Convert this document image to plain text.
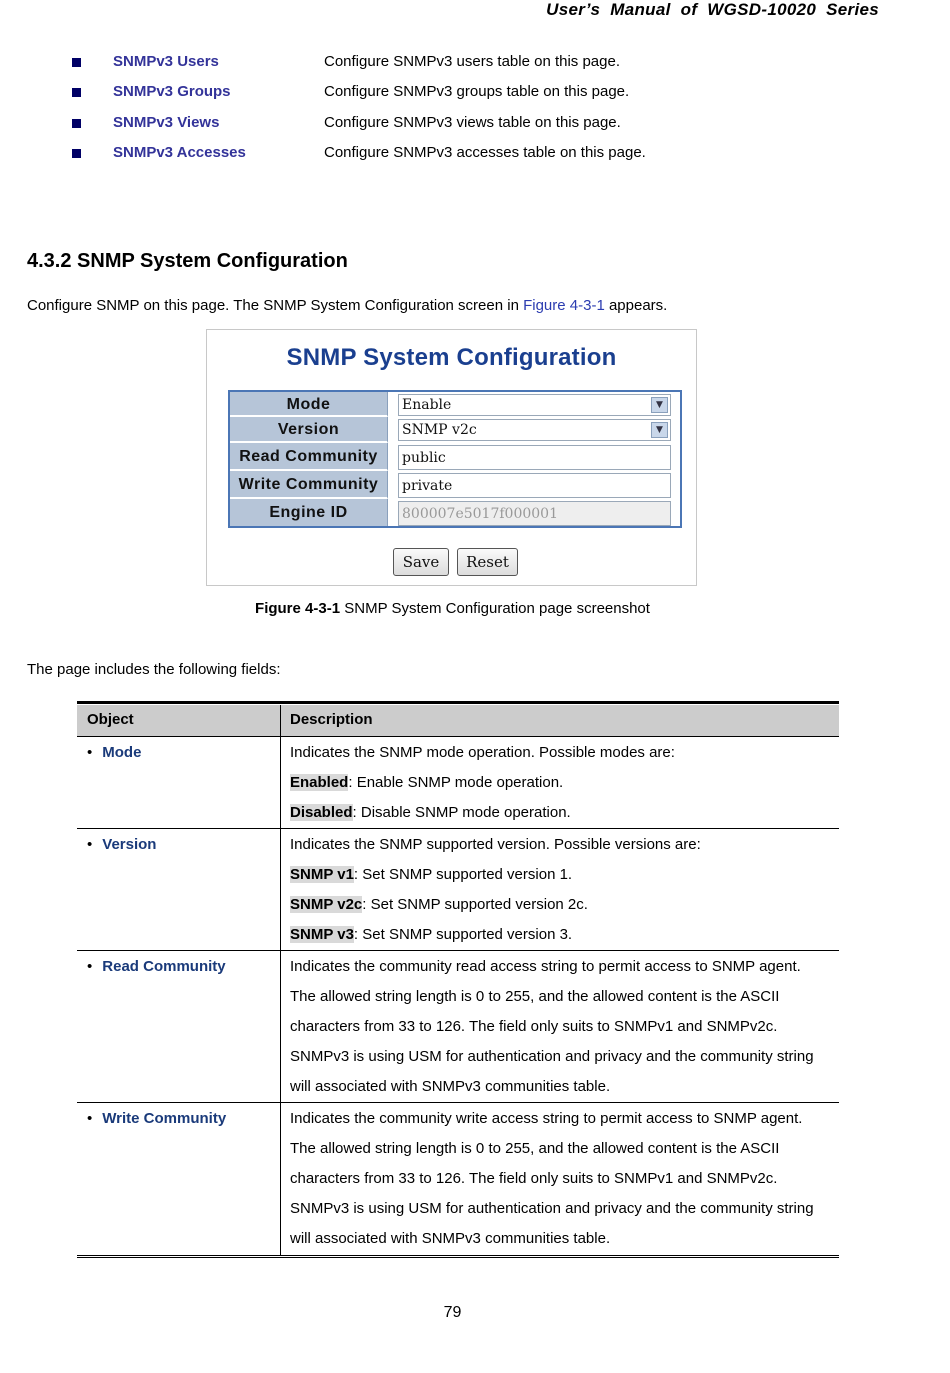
User’s Manual of WGSD-10020 Series
SNMPv3 Users	Configure SNMPv3 users table on this page.
SNMPv3 Groups	Configure SNMPv3 groups table on this page.
SNMPv3 Views	Configure SNMPv3 views table on this page.
SNMPv3 Accesses	Configure SNMPv3 accesses table on this page.
4.3.2 SNMP System Configuration
Configure SNMP on this page. The SNMP System Configuration screen in Figure 4-3-1 appears.
SNMP System Configuration
Mode	Enable	▼
Version	SNMP v2c	▼
Read Community	public
Write Community	private
Engine ID	800007e5017f000001
Save	Reset
Figure 4-3-1 SNMP System Configuration page screenshot
The page includes the following fields:
Object	Description
• Mode	Indicates the SNMP mode operation. Possible modes are:
Enabled: Enable SNMP mode operation.
Disabled: Disable SNMP mode operation.
• Version	Indicates the SNMP supported version. Possible versions are:
SNMP v1: Set SNMP supported version 1.
SNMP v2c: Set SNMP supported version 2c.
SNMP v3: Set SNMP supported version 3.
• Read Community	Indicates the community read access string to permit access to SNMP agent.
The allowed string length is 0 to 255, and the allowed content is the ASCII
characters from 33 to 126. The field only suits to SNMPv1 and SNMPv2c.
SNMPv3 is using USM for authentication and privacy and the community string
will associated with SNMPv3 communities table.
• Write Community	Indicates the community write access string to permit access to SNMP agent.
The allowed string length is 0 to 255, and the allowed content is the ASCII
characters from 33 to 126. The field only suits to SNMPv1 and SNMPv2c.
SNMPv3 is using USM for authentication and privacy and the community string
will associated with SNMPv3 communities table.
79
